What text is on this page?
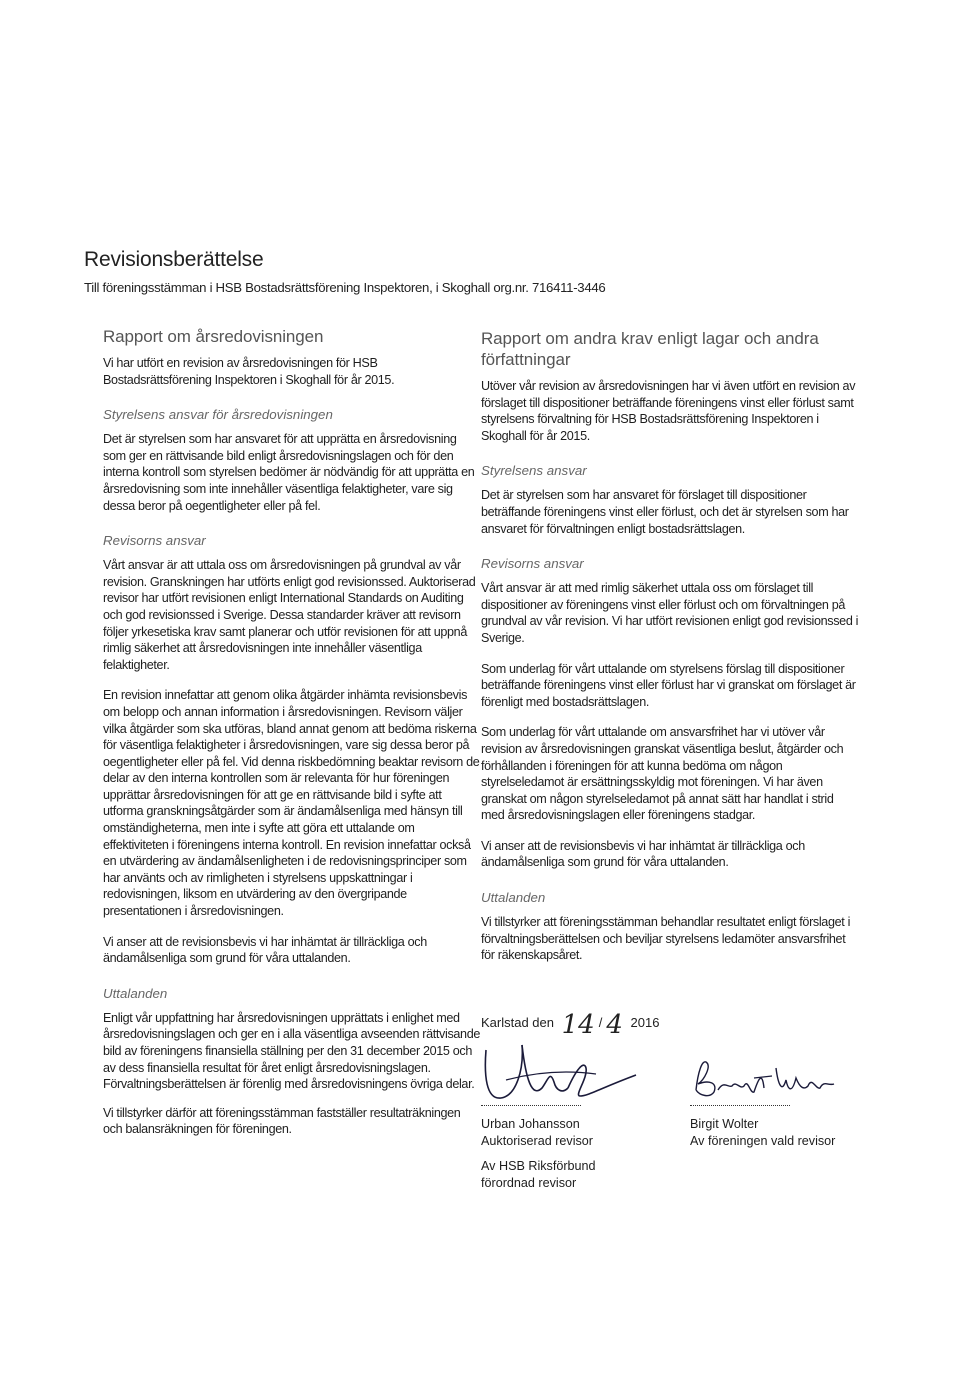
Revisionsberättelse
Till föreningsstämman i HSB Bostadsrättsförening Inspektoren, i Skoghall org.nr. 716411-3446
Rapport om årsredovisningen

Vi har utfört en revision av årsredovisningen för HSB Bostadsrättsförening Inspektoren i Skoghall för år 2015.

Styrelsens ansvar för årsredovisningen

Det är styrelsen som har ansvaret för att upprätta en årsredovisning som ger en rättvisande bild enligt årsredovisningslagen och för den interna kontroll som styrelsen bedömer är nödvändig för att upprätta en årsredovisning som inte innehåller väsentliga felaktigheter, vare sig dessa beror på oegentligheter eller på fel.

Revisorns ansvar

Vårt ansvar är att uttala oss om årsredovisningen på grundval av vår revision. Granskningen har utförts enligt god revisionssed. Auktoriserad revisor har utfört revisionen enligt International Standards on Auditing och god revisionssed i Sverige. Dessa standarder kräver att revisorn följer yrkesetiska krav samt planerar och utför revisionen för att uppnå rimlig säkerhet att årsredovisningen inte innehåller väsentliga felaktigheter.

En revision innefattar att genom olika åtgärder inhämta revisionsbevis om belopp och annan information i årsredovisningen. Revisorn väljer vilka åtgärder som ska utföras, bland annat genom att bedöma riskerna för väsentliga felaktigheter i årsredovisningen, vare sig dessa beror på oegentligheter eller på fel. Vid denna riskbedömning beaktar revisorn de delar av den interna kontrollen som är relevanta för hur föreningen upprättar årsredovisningen för att ge en rättvisande bild i syfte att utforma granskningsåtgärder som är ändamålsenliga med hänsyn till omständigheterna, men inte i syfte att göra ett uttalande om effektiviteten i föreningens interna kontroll. En revision innefattar också en utvärdering av ändamålsenligheten i de redovisningsprinciper som har använts och av rimligheten i styrelsens uppskattningar i redovisningen, liksom en utvärdering av den övergripande presentationen i årsredovisningen.

Vi anser att de revisionsbevis vi har inhämtat är tillräckliga och ändamålsenliga som grund för våra uttalanden.

Uttalanden

Enligt vår uppfattning har årsredovisningen upprättats i enlighet med årsredovisningslagen och ger en i alla väsentliga avseenden rättvisande bild av föreningens finansiella ställning per den 31 december 2015 och av dess finansiella resultat för året enligt årsredovisningslagen. Förvaltningsberättelsen är förenlig med årsredovisningens övriga delar.

Vi tillstyrker därför att föreningsstämman fastställer resultaträkningen och balansräkningen för föreningen.

Rapport om andra krav enligt lagar och andra författningar

Utöver vår revision av årsredovisningen har vi även utfört en revision av förslaget till dispositioner beträffande föreningens vinst eller förlust samt styrelsens förvaltning för HSB Bostadsrättsförening Inspektoren i Skoghall för år 2015.

Styrelsens ansvar

Det är styrelsen som har ansvaret för förslaget till dispositioner beträffande föreningens vinst eller förlust, och det är styrelsen som har ansvaret för förvaltningen enligt bostadsrättslagen.

Revisorns ansvar

Vårt ansvar är att med rimlig säkerhet uttala oss om förslaget till dispositioner av föreningens vinst eller förlust och om förvaltningen på grundval av vår revision. Vi har utfört revisionen enligt god revisionssed i Sverige.

Som underlag för vårt uttalande om styrelsens förslag till dispositioner beträffande föreningens vinst eller förlust har vi granskat om förslaget är förenligt med bostadsrättslagen.

Som underlag för vårt uttalande om ansvarsfrihet har vi utöver vår revision av årsredovisningen granskat väsentliga beslut, åtgärder och förhållanden i föreningen för att kunna bedöma om någon styrelseledamot är ersättningsskyldig mot föreningen. Vi har även granskat om någon styrelseledamot på annat sätt har handlat i strid med årsredovisningslagen eller föreningens stadgar.

Vi anser att de revisionsbevis vi har inhämtat är tillräckliga och ändamålsenliga som grund för våra uttalanden.

Uttalanden

Vi tillstyrker att föreningsstämman behandlar resultatet enligt förslaget i förvaltningsberättelsen och beviljar styrelsens ledamöter ansvarsfrihet för räkenskapsåret.

Karlstad den 14 / 4 2016
Urban Johansson
Auktoriserad revisor
Av HSB Riksförbund
förordnad revisor
Birgit Wolter
Av föreningen vald revisor
